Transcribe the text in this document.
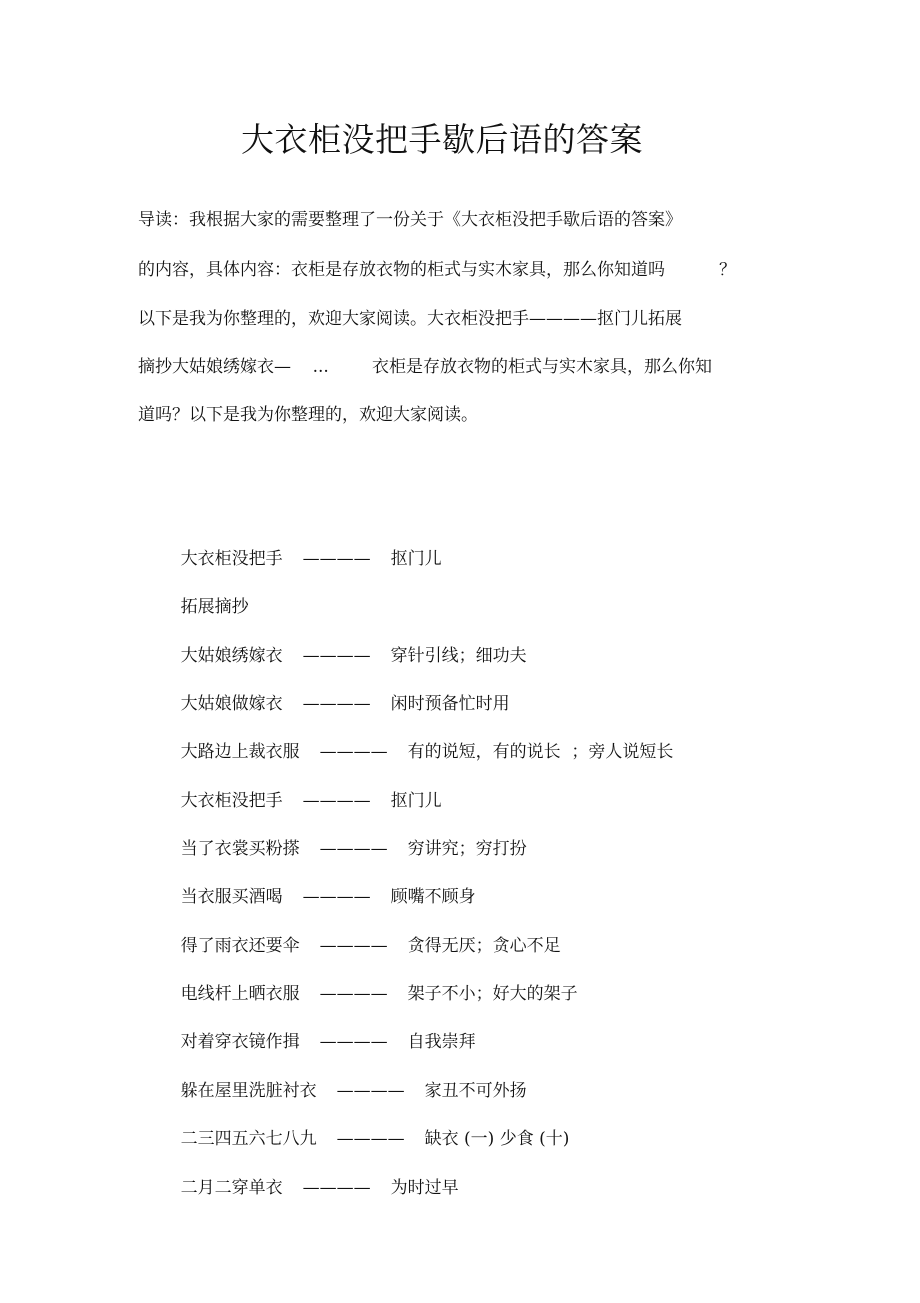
大衣柜没把手歇后语的答案
导读：我根据大家的需要整理了一份关于《大衣柜没把手歇后语的答案》
的内容，具体内容：衣柜是存放衣物的柜式与实木家具，那么你知道吗          ？
以下是我为你整理的，欢迎大家阅读。大衣柜没把手————抠门儿拓展
摘抄大姑娘绣嫁衣—    ...        衣柜是存放衣物的柜式与实木家具，那么你知
道吗？以下是我为你整理的，欢迎大家阅读。

大衣柜没把手 ———— 抠门儿

拓展摘抄

大姑娘绣嫁衣 ———— 穿针引线；细功夫

大姑娘做嫁衣 ———— 闲时预备忙时用

大路边上裁衣服 ———— 有的说短，有的说长  ；旁人说短长

大衣柜没把手 ———— 抠门儿

当了衣裳买粉搽 ———— 穷讲究；穷打扮

当衣服买酒喝 ———— 顾嘴不顾身

得了雨衣还要伞 ———— 贪得无厌；贪心不足

电线杆上晒衣服 ———— 架子不小；好大的架子

对着穿衣镜作揖 ———— 自我崇拜

躲在屋里洗脏衬衣 ———— 家丑不可外扬

二三四五六七八九 ———— 缺衣 (一) 少食 (十)

二月二穿单衣 ———— 为时过早
